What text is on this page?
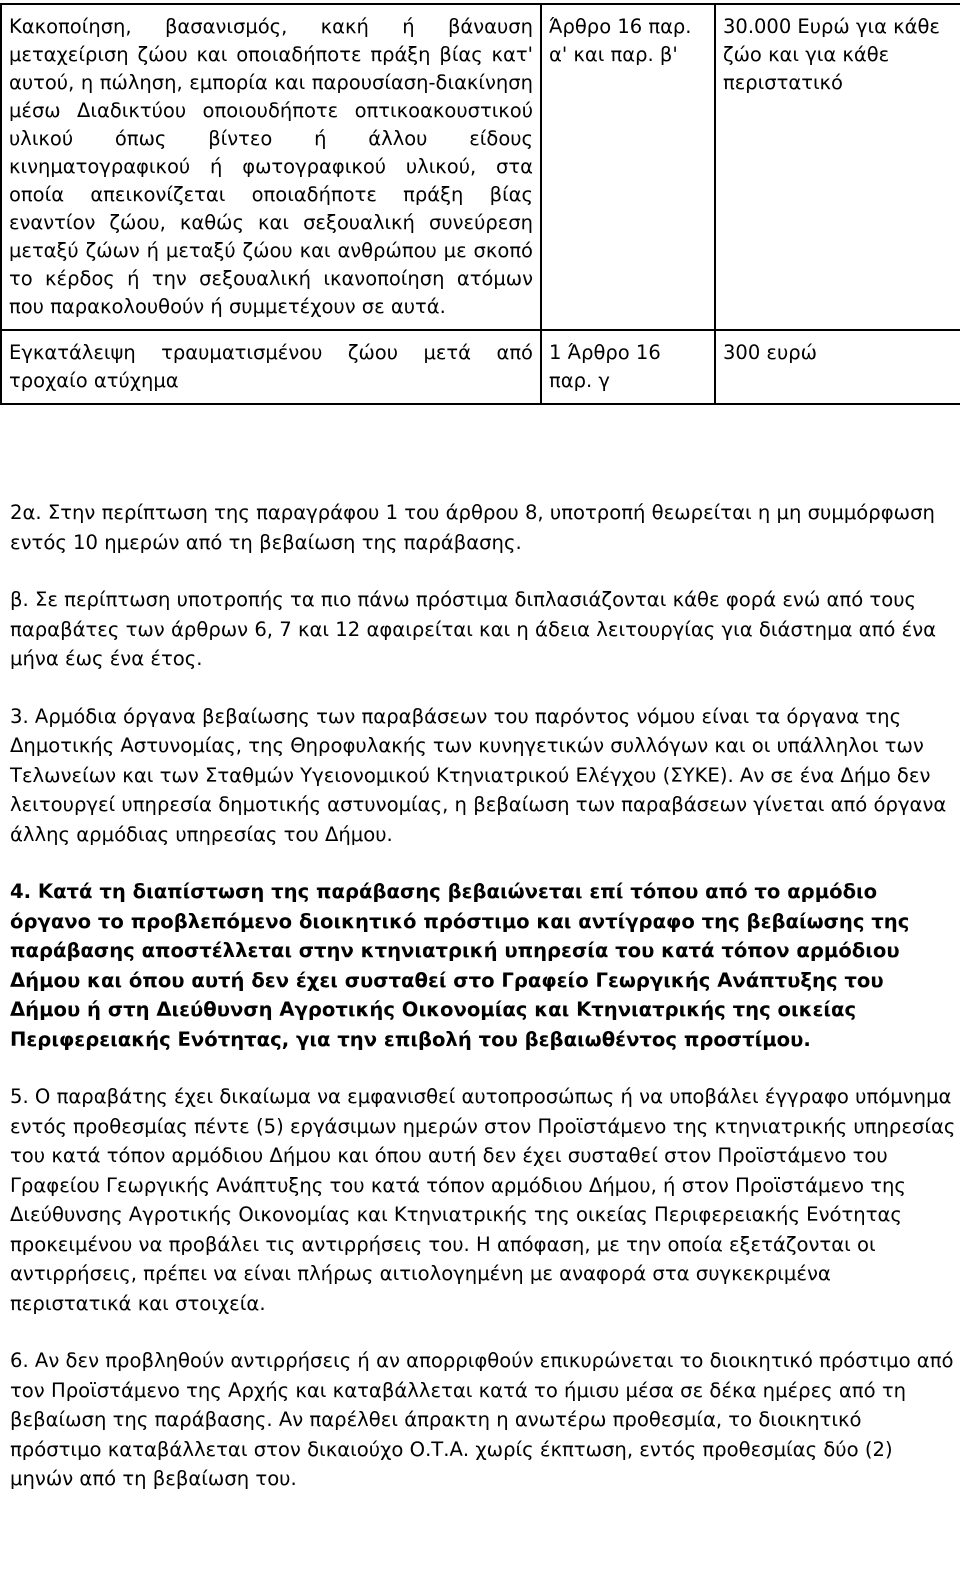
Κακοποίηση, βασανισμός, κακή ή βάναυση μεταχείριση ζώου και οποιαδήποτε πράξη βίας κατ' αυτού, η πώληση, εμπορία και παρουσίαση-διακίνηση μέσω Διαδικτύου οποιουδήποτε οπτικοακουστικού υλικού όπως βίντεο ή άλλου είδους κινηματογραφικού ή φωτογραφικού υλικού, στα οποία απεικονίζεται οποιαδήποτε πράξη βίας εναντίον ζώου, καθώς και σεξουαλική συνεύρεση μεταξύ ζώων ή μεταξύ ζώου και ανθρώπου με σκοπό το κέρδος ή την σεξουαλική ικανοποίηση ατόμων που παρακολουθούν ή συμμετέχουν σε αυτά.	Άρθρο 16 παρ. α' και παρ. β'	30.000 Ευρώ για κάθε ζώο και για κάθε περιστατικό

Εγκατάλειψη τραυματισμένου ζώου μετά από τροχαίο ατύχημα	1 Άρθρο 16 παρ. γ	300 ευρώ

2α. Στην περίπτωση της παραγράφου 1 του άρθρου 8, υποτροπή θεωρείται η μη συμμόρφωση εντός 10 ημερών από τη βεβαίωση της παράβασης.

β. Σε περίπτωση υποτροπής τα πιο πάνω πρόστιμα διπλασιάζονται κάθε φορά ενώ από τους παραβάτες των άρθρων 6, 7 και 12 αφαιρείται και η άδεια λειτουργίας για διάστημα από ένα μήνα έως ένα έτος.

3. Αρμόδια όργανα βεβαίωσης των παραβάσεων του παρόντος νόμου είναι τα όργανα της Δημοτικής Αστυνομίας, της Θηροφυλακής των κυνηγετικών συλλόγων και οι υπάλληλοι των Τελωνείων και των Σταθμών Υγειονομικού Κτηνιατρικού Ελέγχου (ΣΥΚΕ). Αν σε ένα Δήμο δεν λειτουργεί υπηρεσία δημοτικής αστυνομίας, η βεβαίωση των παραβάσεων γίνεται από όργανα άλλης αρμόδιας υπηρεσίας του Δήμου.

4. Κατά τη διαπίστωση της παράβασης βεβαιώνεται επί τόπου από το αρμόδιο όργανο το προβλεπόμενο διοικητικό πρόστιμο και αντίγραφο της βεβαίωσης της παράβασης αποστέλλεται στην κτηνιατρική υπηρεσία του κατά τόπον αρμόδιου Δήμου και όπου αυτή δεν έχει συσταθεί στο Γραφείο Γεωργικής Ανάπτυξης του Δήμου ή στη Διεύθυνση Αγροτικής Οικονομίας και Κτηνιατρικής της οικείας Περιφερειακής Ενότητας, για την επιβολή του βεβαιωθέντος προστίμου.

5. Ο παραβάτης έχει δικαίωμα να εμφανισθεί αυτοπροσώπως ή να υποβάλει έγγραφο υπόμνημα εντός προθεσμίας πέντε (5) εργάσιμων ημερών στον Προϊστάμενο της κτηνιατρικής υπηρεσίας του κατά τόπον αρμόδιου Δήμου και όπου αυτή δεν έχει συσταθεί στον Προϊστάμενο του Γραφείου Γεωργικής Ανάπτυξης του κατά τόπον αρμόδιου Δήμου, ή στον Προϊστάμενο της Διεύθυνσης Αγροτικής Οικονομίας και Κτηνιατρικής της οικείας Περιφερειακής Ενότητας προκειμένου να προβάλει τις αντιρρήσεις του. Η απόφαση, με την οποία εξετάζονται οι αντιρρήσεις, πρέπει να είναι πλήρως αιτιολογημένη με αναφορά στα συγκεκριμένα περιστατικά και στοιχεία.

6. Αν δεν προβληθούν αντιρρήσεις ή αν απορριφθούν επικυρώνεται το διοικητικό πρόστιμο από τον Προϊστάμενο της Αρχής και καταβάλλεται κατά το ήμισυ μέσα σε δέκα ημέρες από τη βεβαίωση της παράβασης. Αν παρέλθει άπρακτη η ανωτέρω προθεσμία, το διοικητικό πρόστιμο καταβάλλεται στον δικαιούχο Ο.Τ.Α. χωρίς έκπτωση, εντός προθεσμίας δύο (2) μηνών από τη βεβαίωση του.
